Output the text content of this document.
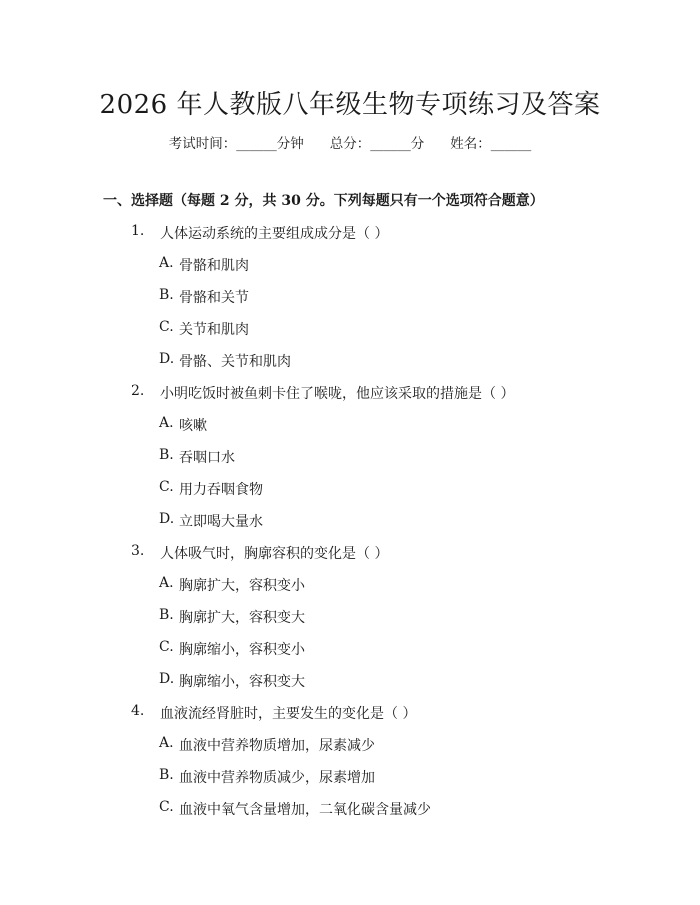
2026 年人教版八年级生物专项练习及答案
考试时间：______分钟 总分：______分 姓名：______
一、选择题（每题 2 分，共 30 分。下列每题只有一个选项符合题意）
1. 人体运动系统的主要组成成分是（ ）
A. 骨骼和肌肉
B. 骨骼和关节
C. 关节和肌肉
D. 骨骼、关节和肌肉
2. 小明吃饭时被鱼刺卡住了喉咙，他应该采取的措施是（ ）
A. 咳嗽
B. 吞咽口水
C. 用力吞咽食物
D. 立即喝大量水
3. 人体吸气时，胸廓容积的变化是（ ）
A. 胸廓扩大，容积变小
B. 胸廓扩大，容积变大
C. 胸廓缩小，容积变小
D. 胸廓缩小，容积变大
4. 血液流经肾脏时，主要发生的变化是（ ）
A. 血液中营养物质增加，尿素减少
B. 血液中营养物质减少，尿素增加
C. 血液中氧气含量增加，二氧化碳含量减少
